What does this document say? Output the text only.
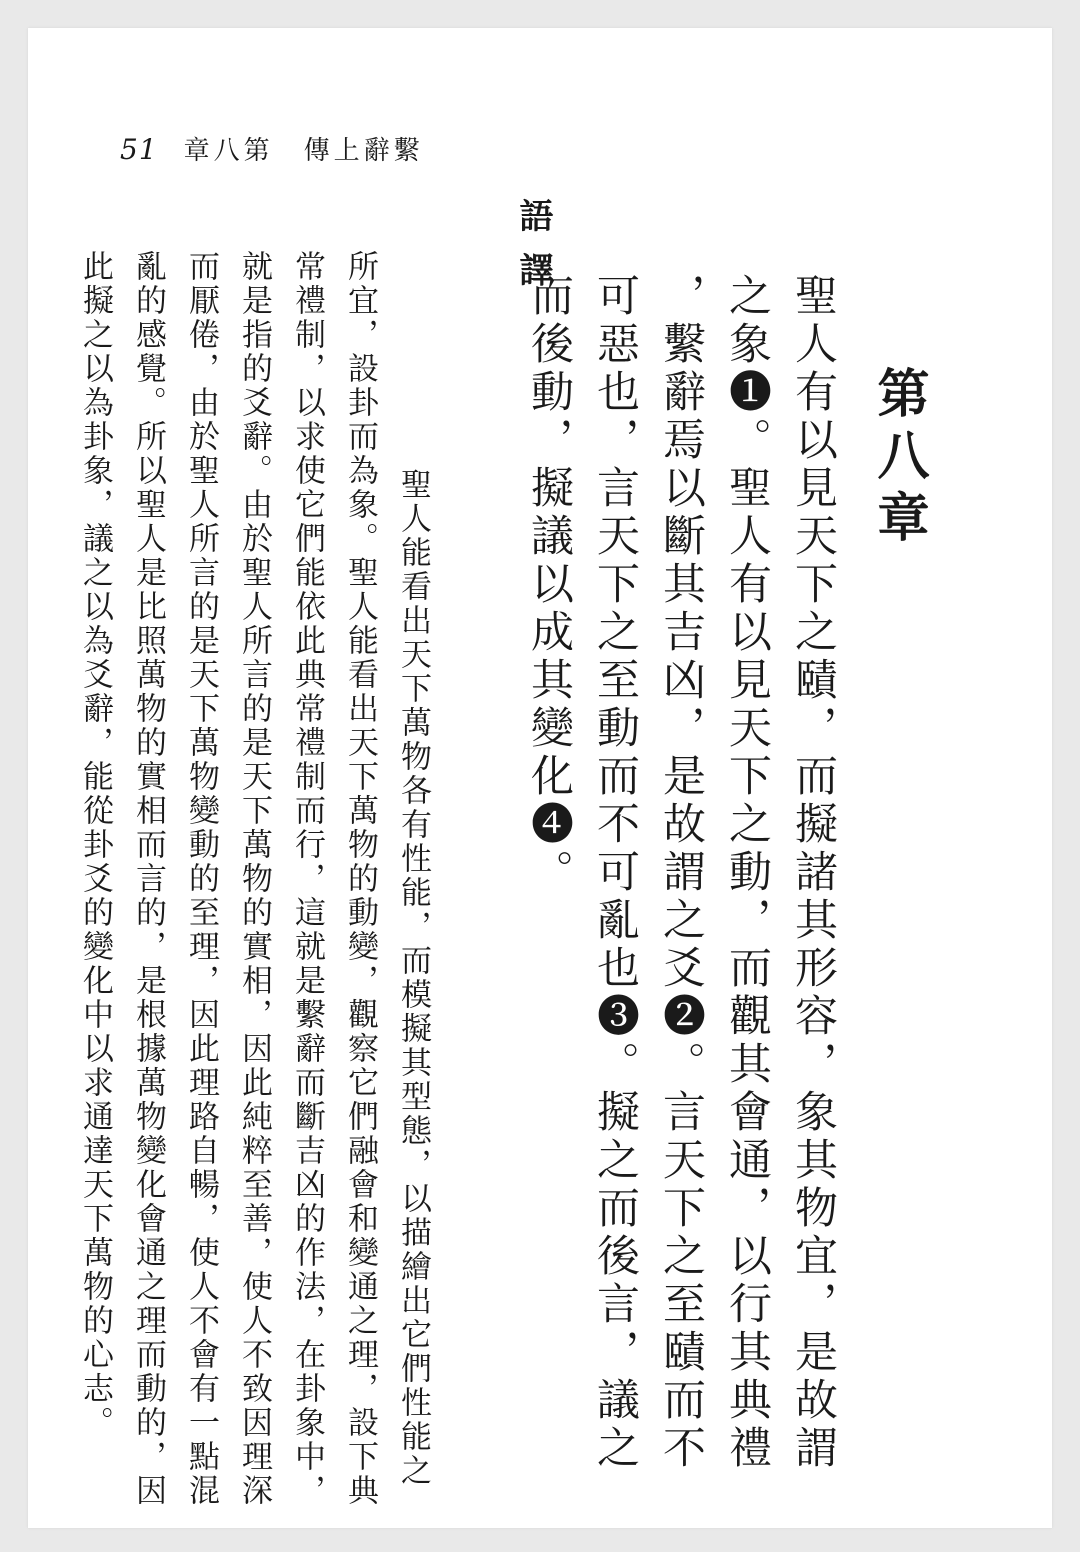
51 章八第　傳上辭繫
第八章
聖人有以見天下之賾，而擬諸其形容，象其物宜，是故謂之象❶。聖人有以見天下之動，而觀其會通，以行其典禮，繫辭焉以斷其吉凶，是故謂之爻❷。言天下之至賾而不可惡也，言天下之至動而不可亂也❸。擬之而後言，議之而後動，擬議以成其變化❹。
語譯

聖人能看出天下萬物各有性能，而模擬其型態，以描繪出它們性能之所宜，設卦而為象。聖人能看出天下萬物的動變，觀察它們融會和變通之理，設下典常禮制，以求使它們能依此典常禮制而行，這就是繫辭而斷吉凶的作法，在卦象中，就是指的爻辭。由於聖人所言的是天下萬物的實相，因此純粹至善，使人不致因理深而厭倦，由於聖人所言的是天下萬物變動的至理，因此理路自暢，使人不會有一點混亂的感覺。所以聖人是比照萬物的實相而言的，是根據萬物變化會通之理而動的，因此擬之以為卦象，議之以為爻辭，能從卦爻的變化中以求通達天下萬物的心志。
